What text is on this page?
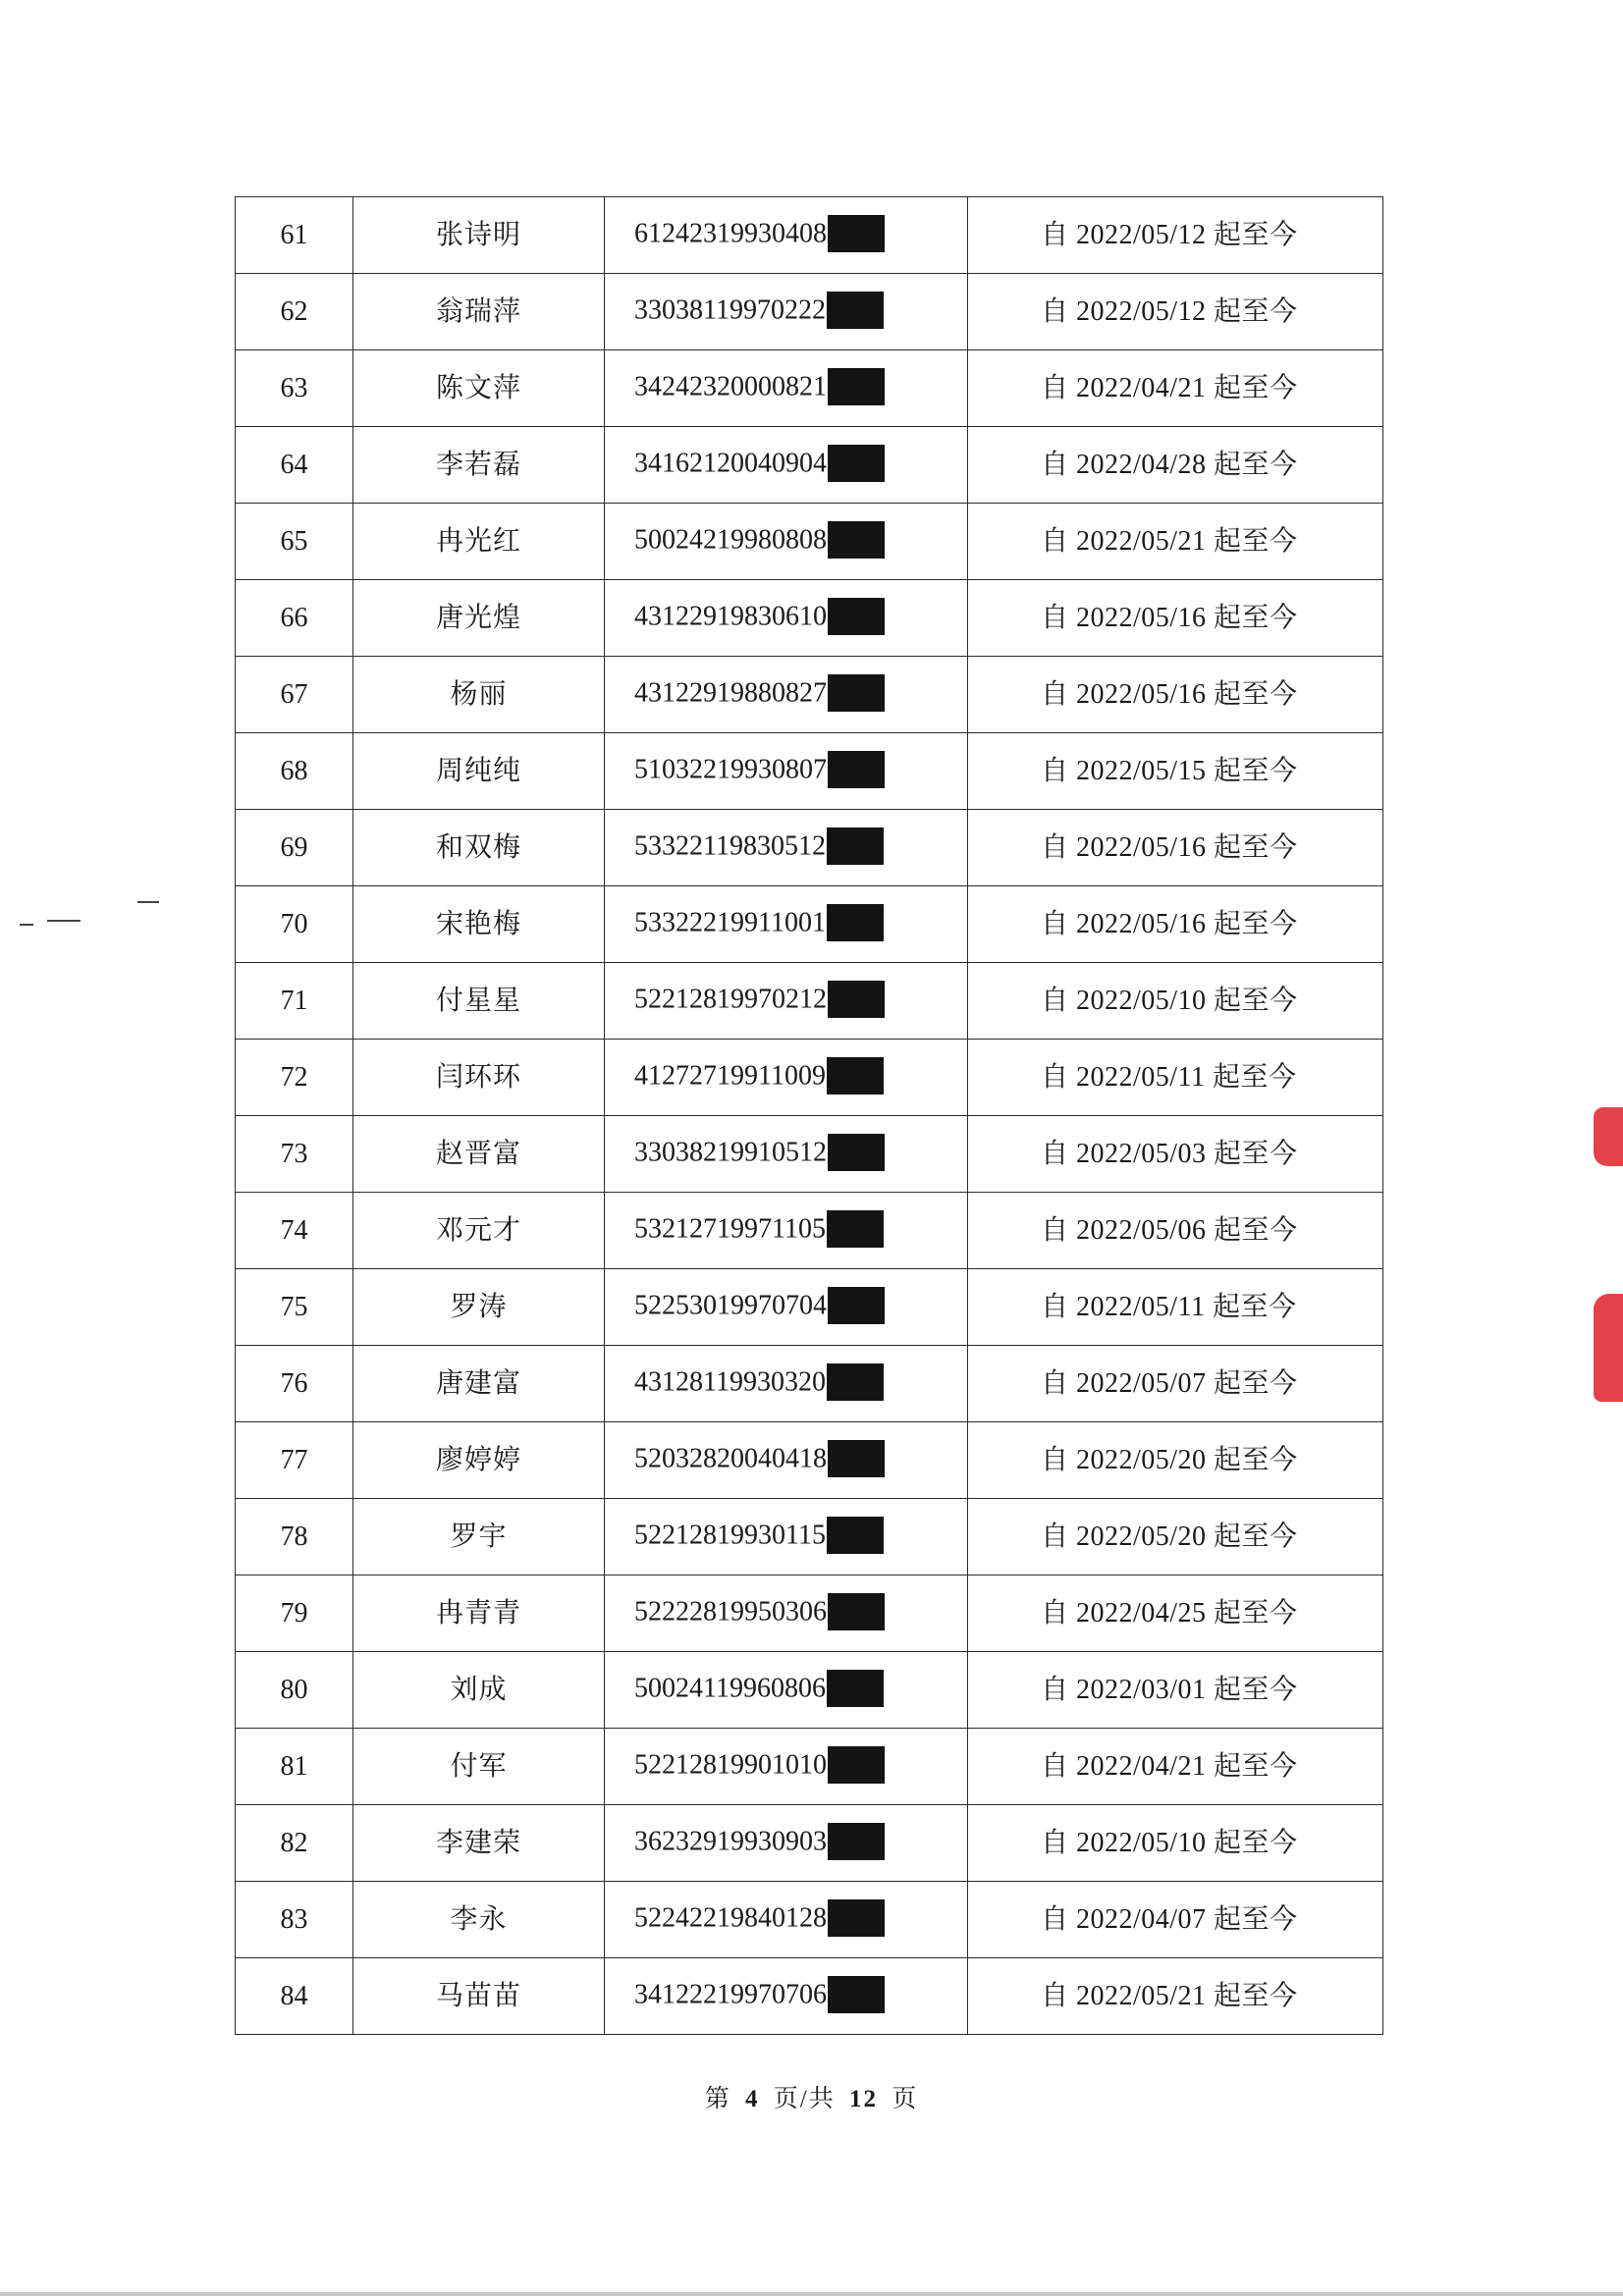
61	张诗明	61242319930408	自 2022/05/12 起至今
62	翁瑞萍	33038119970222	自 2022/05/12 起至今
63	陈文萍	34242320000821	自 2022/04/21 起至今
64	李若磊	34162120040904	自 2022/04/28 起至今
65	冉光红	50024219980808	自 2022/05/21 起至今
66	唐光煌	43122919830610	自 2022/05/16 起至今
67	杨丽	43122919880827	自 2022/05/16 起至今
68	周纯纯	51032219930807	自 2022/05/15 起至今
69	和双梅	53322119830512	自 2022/05/16 起至今
70	宋艳梅	53322219911001	自 2022/05/16 起至今
71	付星星	52212819970212	自 2022/05/10 起至今
72	闫环环	41272719911009	自 2022/05/11 起至今
73	赵晋富	33038219910512	自 2022/05/03 起至今
74	邓元才	53212719971105	自 2022/05/06 起至今
75	罗涛	52253019970704	自 2022/05/11 起至今
76	唐建富	43128119930320	自 2022/05/07 起至今
77	廖婷婷	52032820040418	自 2022/05/20 起至今
78	罗宇	52212819930115	自 2022/05/20 起至今
79	冉青青	52222819950306	自 2022/04/25 起至今
80	刘成	50024119960806	自 2022/03/01 起至今
81	付军	52212819901010	自 2022/04/21 起至今
82	李建荣	36232919930903	自 2022/05/10 起至今
83	李永	52242219840128	自 2022/04/07 起至今
84	马苗苗	34122219970706	自 2022/05/21 起至今
第 4 页/共 12 页
